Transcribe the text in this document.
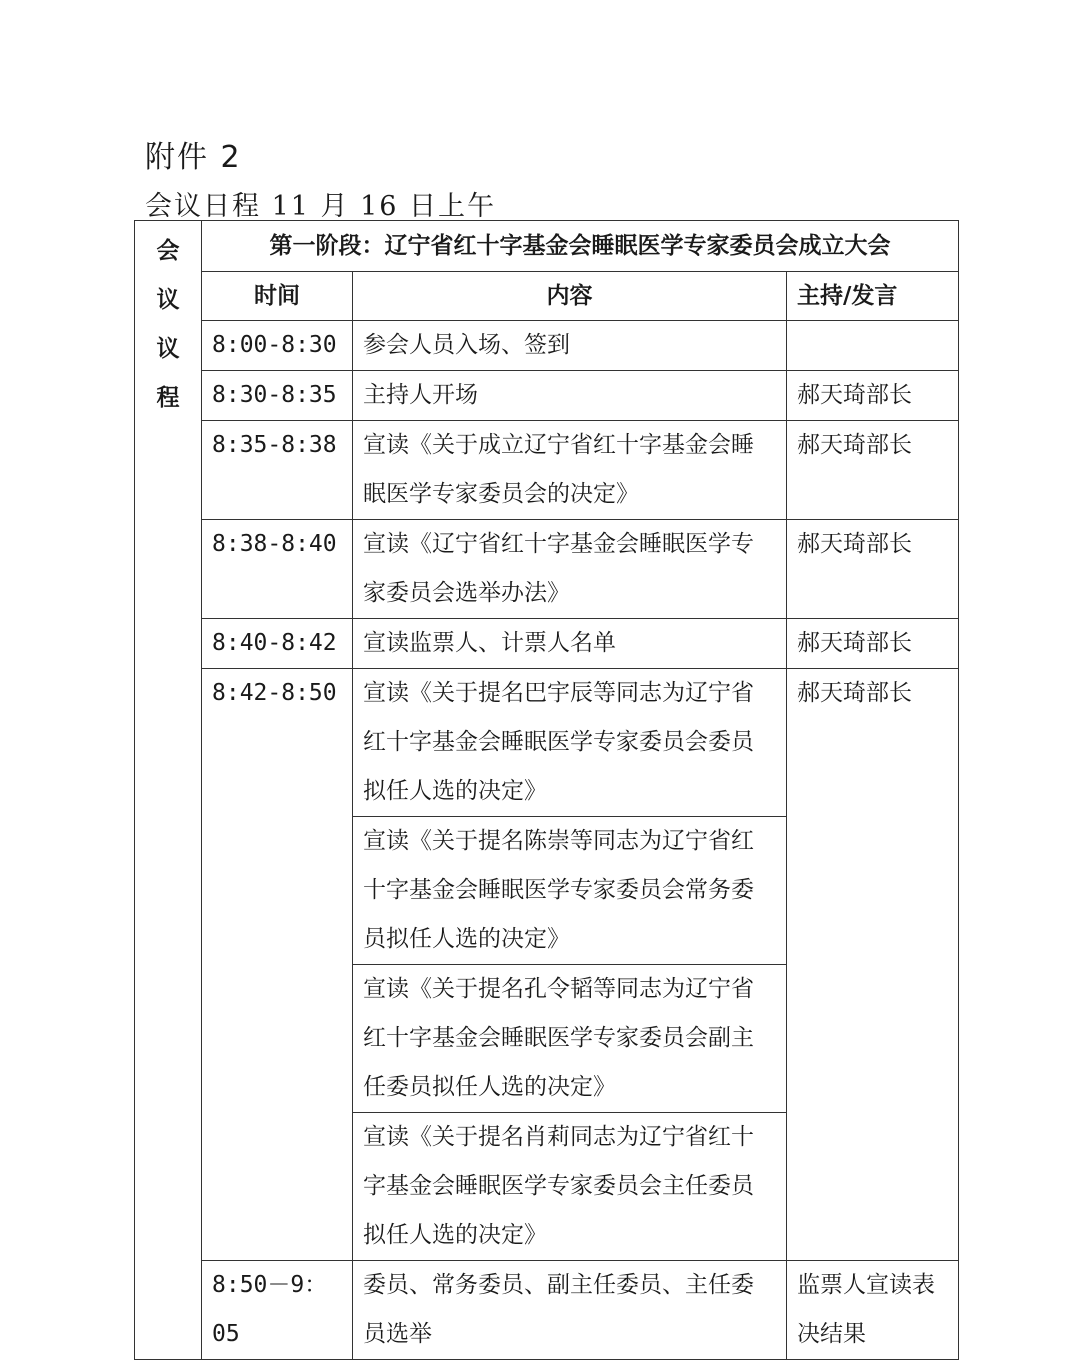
附件 2
会议日程 11 月 16 日上午
会
议
议
程	第一阶段：辽宁省红十字基金会睡眠医学专家委员会成立大会		
	时间	内容	主持/发言
	8:00-8:30	参会人员入场、签到	
	8:30-8:35	主持人开场	郝天琦部长
	8:35-8:38	宣读《关于成立辽宁省红十字基金会睡眠医学专家委员会的决定》	郝天琦部长
	8:38-8:40	宣读《辽宁省红十字基金会睡眠医学专家委员会选举办法》	郝天琦部长
	8:40-8:42	宣读监票人、计票人名单	郝天琦部长
	8:42-8:50	宣读《关于提名巴宇辰等同志为辽宁省红十字基金会睡眠医学专家委员会委员拟任人选的决定》	郝天琦部长
		宣读《关于提名陈崇等同志为辽宁省红十字基金会睡眠医学专家委员会常务委员拟任人选的决定》	
		宣读《关于提名孔令韬等同志为辽宁省红十字基金会睡眠医学专家委员会副主任委员拟任人选的决定》	
		宣读《关于提名肖莉同志为辽宁省红十字基金会睡眠医学专家委员会主任委员拟任人选的决定》	
	8:50－9：05	委员、常务委员、副主任委员、主任委员选举	监票人宣读表决结果
